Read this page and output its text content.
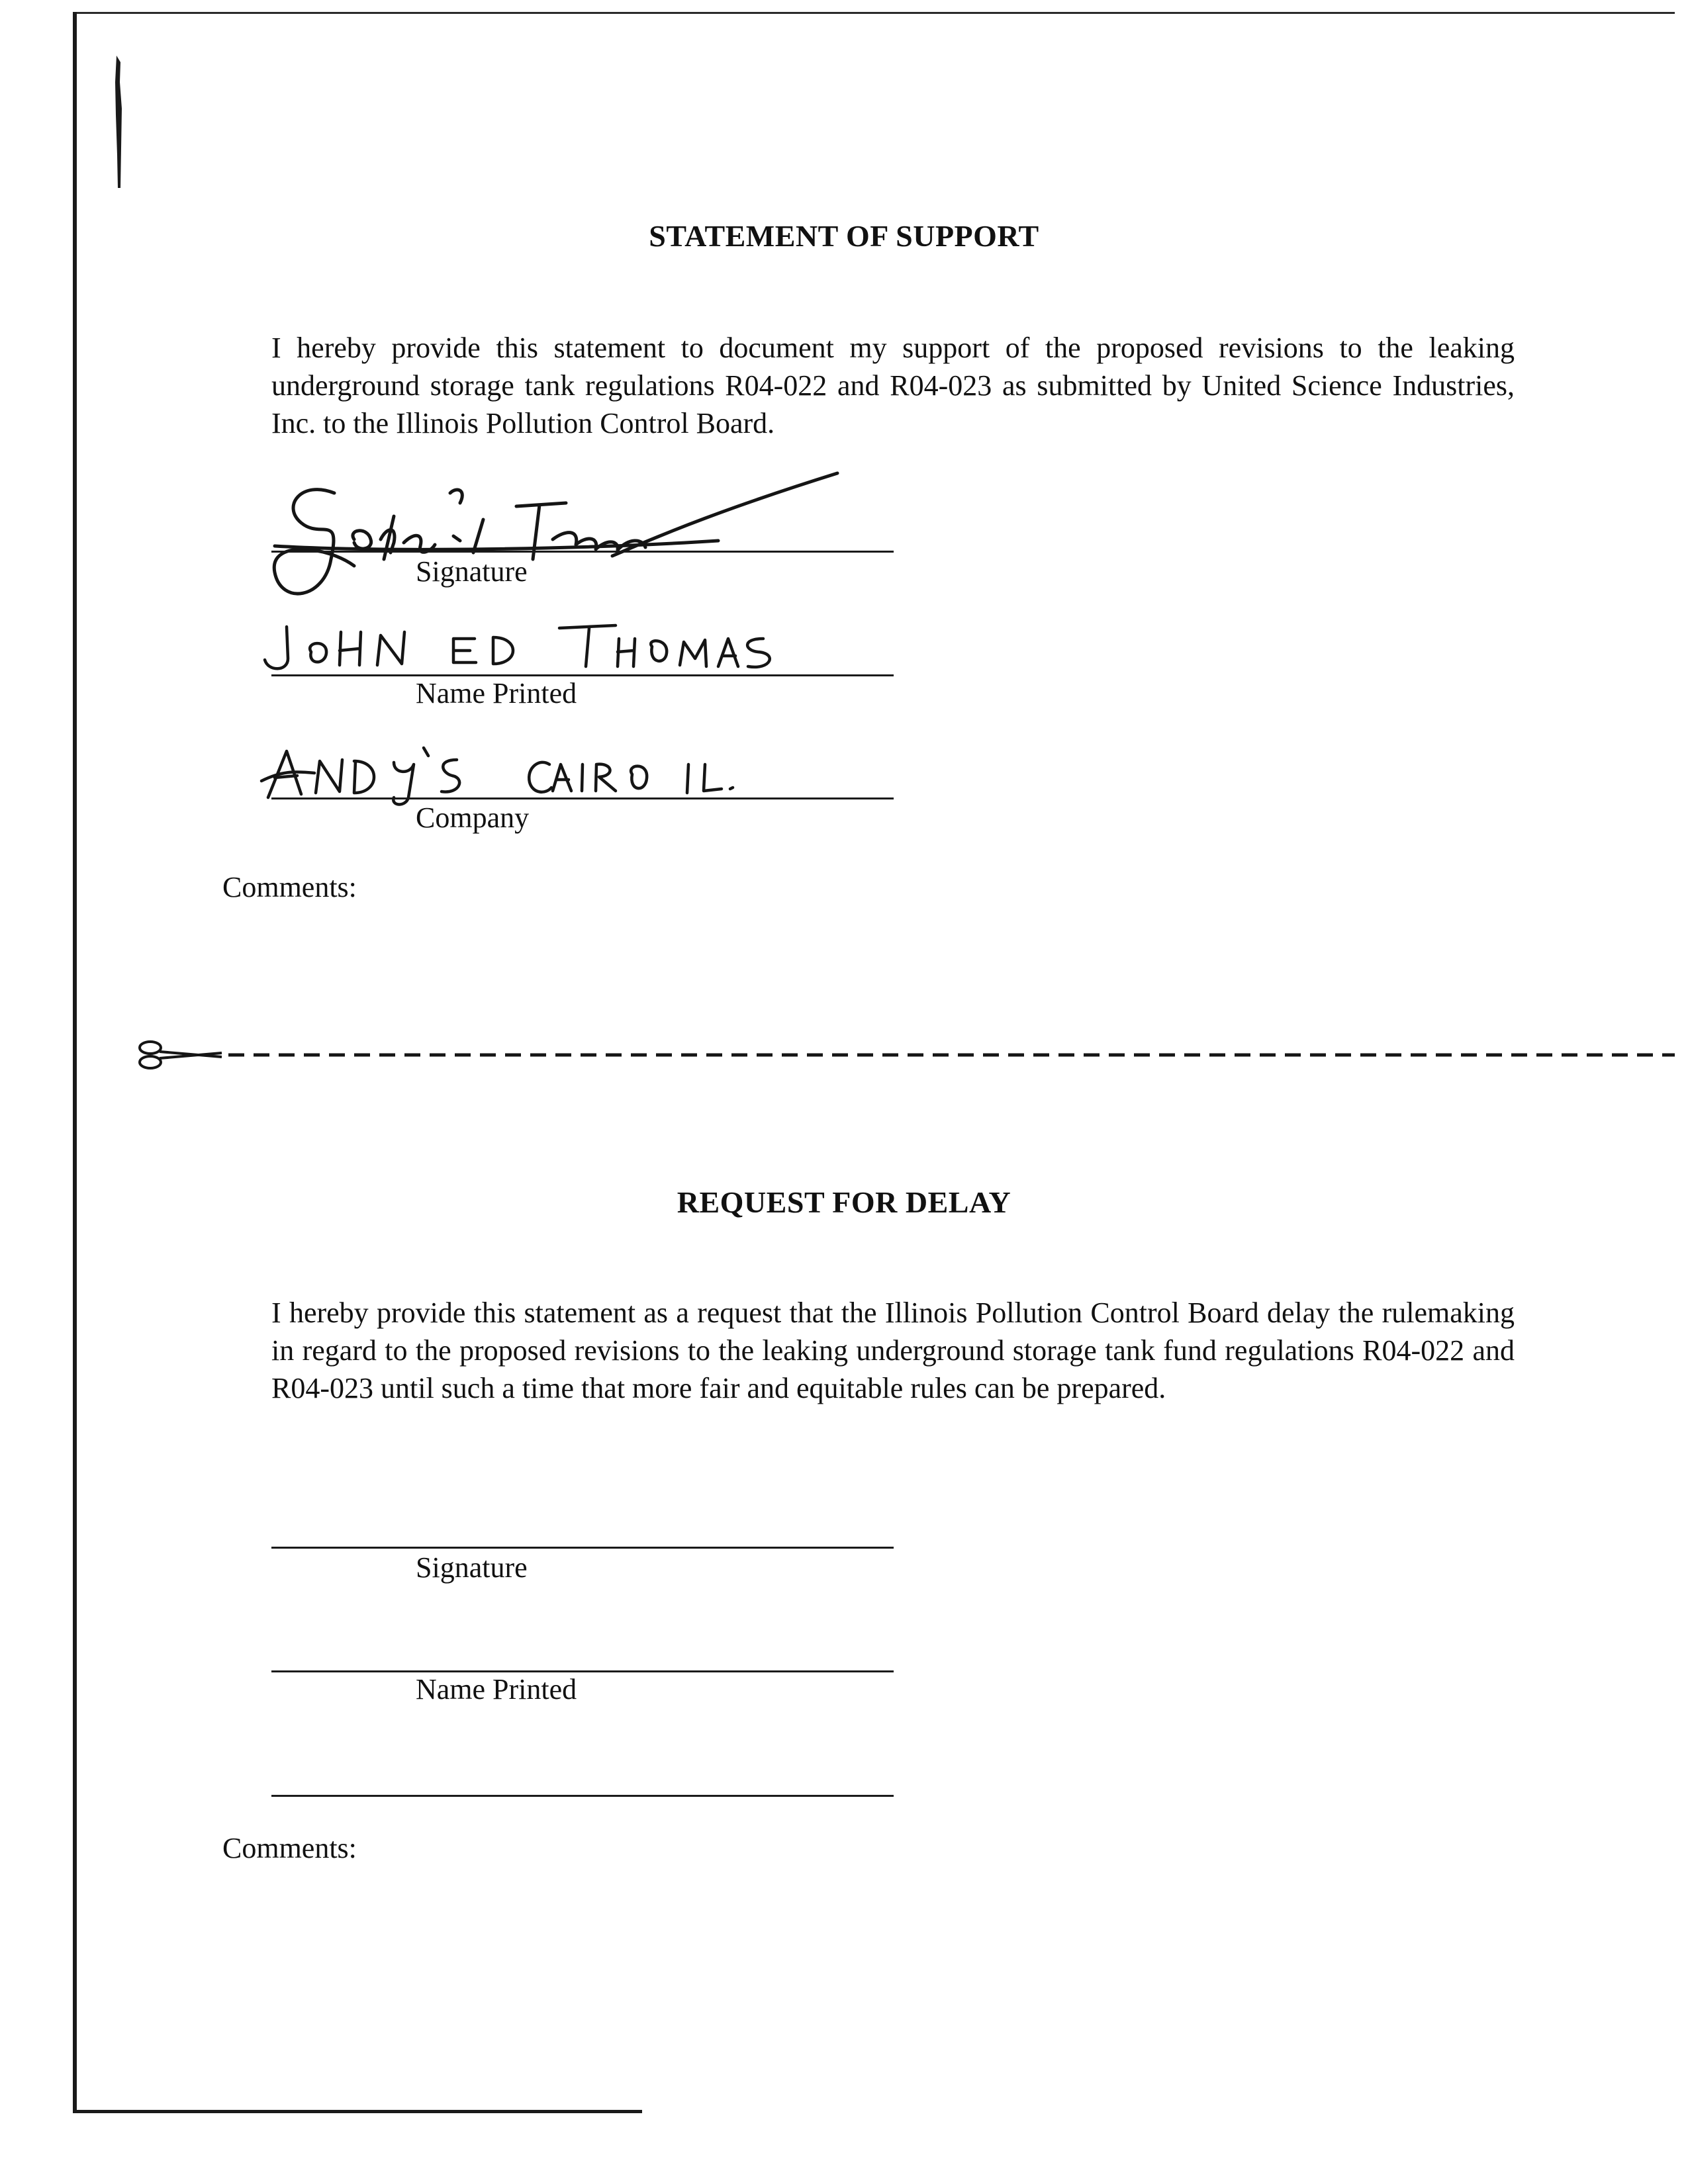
STATEMENT OF SUPPORT
I hereby provide this statement to document my support of the proposed revisions to the leaking underground storage tank regulations R04-022 and R04-023 as submitted by United Science Industries, Inc. to the Illinois Pollution Control Board.
Signature
Name Printed
Company
Comments:
REQUEST FOR DELAY
I hereby provide this statement as a request that the Illinois Pollution Control Board delay the rulemaking in regard to the proposed revisions to the leaking underground storage tank fund regulations R04-022 and R04-023 until such a time that more fair and equitable rules can be prepared.
Signature
Name Printed
Comments:
